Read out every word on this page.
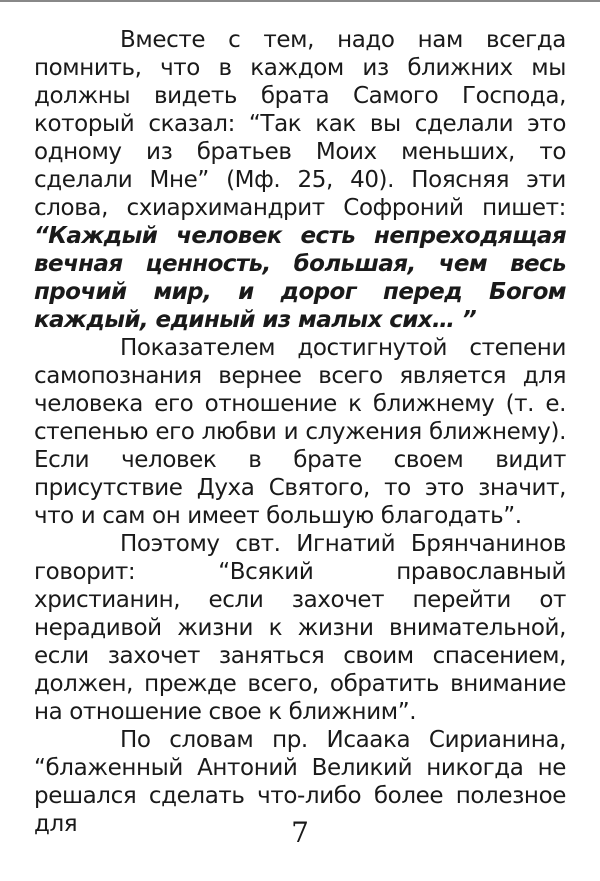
Вместе с тем, надо нам всегда помнить, что в каждом из ближних мы должны видеть брата Самого Господа, который сказал: “Так как вы сделали это одному из братьев Моих меньших, то сделали Мне” (Мф. 25, 40). Поясняя эти слова, схиархимандрит Софроний пишет: “Каждый человек есть непреходящая вечная ценность, большая, чем весь прочий мир, и дорог перед Богом каждый, единый из малых сих… ”

Показателем достигнутой степени самопознания вернее всего является для человека его отношение к ближнему (т. е. степенью его любви и служения ближнему). Если человек в брате своем видит присутствие Духа Святого, то это значит, что и сам он имеет большую благодать”.

Поэтому свт. Игнатий Брянчанинов говорит: “Всякий православный христианин, если захочет перейти от нерадивой жизни к жизни внимательной, если захочет заняться своим спасением, должен, прежде всего, обратить внимание на отношение свое к ближним”.

По словам пр. Исаака Сирианина, “блаженный Антоний Великий никогда не решался сделать что-либо более полезное для	7
